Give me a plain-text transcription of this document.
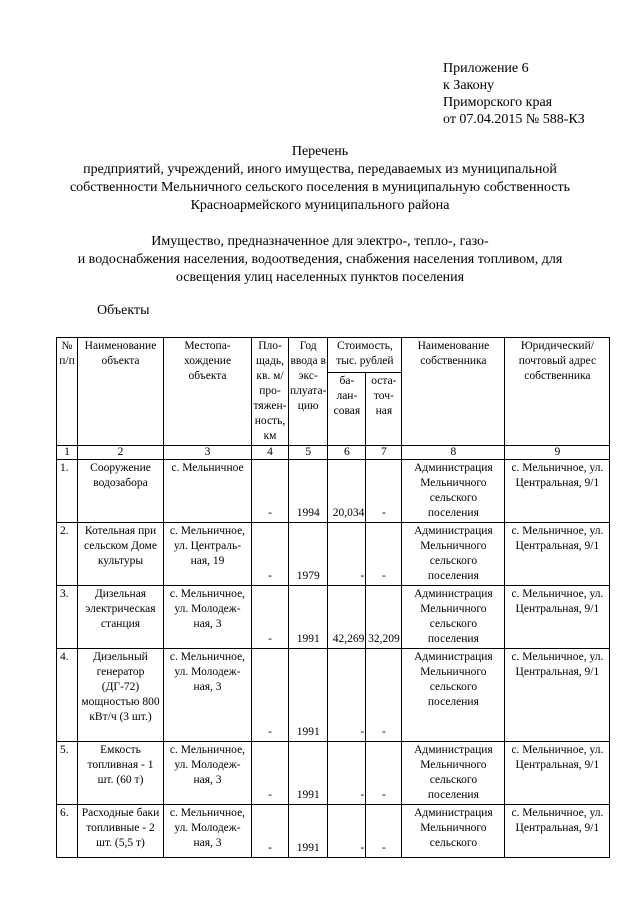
Приложение 6
к Закону
Приморского края
от 07.04.2015 № 588-КЗ
Перечень
предприятий, учреждений, иного имущества, передаваемых из муниципальной
собственности Мельничного сельского поселения в муниципальную собственность
Красноармейского муниципального района
Имущество, предназначенное для электро-, тепло-, газо-
и водоснабжения населения, водоотведения, снабжения населения топливом, для
освещения улиц населенных пунктов поселения
Объекты
№ п/п	Наименование объекта	Местопа-хождение объекта	Пло-щадь, кв. м/ про-тяжен-ность, км	Год ввода в экс-плуата-цию	Стоимость, тыс. рублей		Наименование собственника	Юридический/ почтовый адрес собственника
					ба-лан-совая	оста-точ-ная		
1	2	3	4	5	6	7	8	9
1.	Сооружение водозабора	с. Мельничное	-	1994	20,034	-	Администрация Мельничного сельского поселения	с. Мельничное, ул. Центральная, 9/1
2.	Котельная при сельском Доме культуры	с. Мельничное, ул. Централь-ная, 19	-	1979	-	-	Администрация Мельничного сельского поселения	с. Мельничное, ул. Центральная, 9/1
3.	Дизельная электрическая станция	с. Мельничное, ул. Молодеж-ная, 3	-	1991	42,269	32,209	Администрация Мельничного сельского поселения	с. Мельничное, ул. Центральная, 9/1
4.	Дизельный генератор (ДГ-72) мощностью 800 кВт/ч (3 шт.)	с. Мельничное, ул. Молодеж-ная, 3	-	1991	-	-	Администрация Мельничного сельского поселения	с. Мельничное, ул. Центральная, 9/1
5.	Емкость топливная - 1 шт. (60 т)	с. Мельничное, ул. Молодеж-ная, 3	-	1991	-	-	Администрация Мельничного сельского поселения	с. Мельничное, ул. Центральная, 9/1
6.	Расходные баки топливные - 2 шт. (5,5 т)	с. Мельничное, ул. Молодеж-ная, 3	-	1991	-	-	Администрация Мельничного сельского	с. Мельничное, ул. Центральная, 9/1
